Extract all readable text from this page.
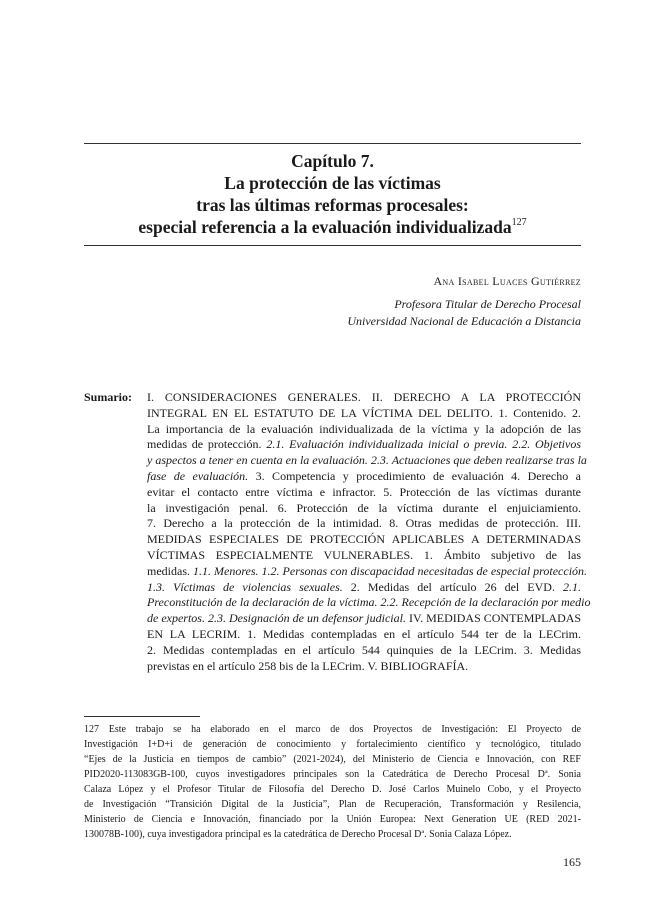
Capítulo 7.
La protección de las víctimas
tras las últimas reformas procesales:
especial referencia a la evaluación individualizada$^{127}$
Ana Isabel Luaces Gutiérrez
Profesora Titular de Derecho Procesal
Universidad Nacional de Educación a Distancia
Sumario: I. CONSIDERACIONES GENERALES. II. DERECHO A LA PROTECCIÓN
INTEGRAL EN EL ESTATUTO DE LA VÍCTIMA DEL DELITO. 1. Contenido. 2.
La importancia de la evaluación individualizada de la víctima y la adopción de las
medidas de protección. 2.1. Evaluación individualizada inicial o previa. 2.2. Objetivos
y aspectos a tener en cuenta en la evaluación. 2.3. Actuaciones que deben realizarse tras la
fase de evaluación. 3. Competencia y procedimiento de evaluación 4. Derecho a
evitar el contacto entre víctima e infractor. 5. Protección de las víctimas durante
la investigación penal. 6. Protección de la víctima durante el enjuiciamiento.
7. Derecho a la protección de la intimidad. 8. Otras medidas de protección. III.
MEDIDAS ESPECIALES DE PROTECCIÓN APLICABLES A DETERMINADAS
VÍCTIMAS ESPECIALMENTE VULNERABLES. 1. Ámbito subjetivo de las
medidas. 1.1. Menores. 1.2. Personas con discapacidad necesitadas de especial protección.
1.3. Víctimas de violencias sexuales. 2. Medidas del artículo 26 del EVD. 2.1.
Preconstitución de la declaración de la víctima. 2.2. Recepción de la declaración por medio
de expertos. 2.3. Designación de un defensor judicial. IV. MEDIDAS CONTEMPLADAS
EN LA LECRIM. 1. Medidas contempladas en el artículo 544 ter de la LECrim.
2. Medidas contempladas en el artículo 544 quinquies de la LECrim. 3. Medidas
previstas en el artículo 258 bis de la LECrim. V. BIBLIOGRAFÍA.
127 Este trabajo se ha elaborado en el marco de dos Proyectos de Investigación: El Proyecto de
Investigación I+D+i de generación de conocimiento y fortalecimiento científico y tecnológico, titulado
“Ejes de la Justicia en tiempos de cambio” (2021-2024), del Ministerio de Ciencia e Innovación, con REF
PID2020-113083GB-100, cuyos investigadores principales son la Catedrática de Derecho Procesal Dª. Sonia
Calaza López y el Profesor Titular de Filosofía del Derecho D. José Carlos Muinelo Cobo, y el Proyecto
de Investigación “Transición Digital de la Justicia”, Plan de Recuperación, Transformación y Resilencia,
Ministerio de Ciencia e Innovación, financiado por la Unión Europea: Next Generation UE (RED 2021-
130078B-100), cuya investigadora principal es la catedrática de Derecho Procesal Dª. Sonia Calaza López.
165
